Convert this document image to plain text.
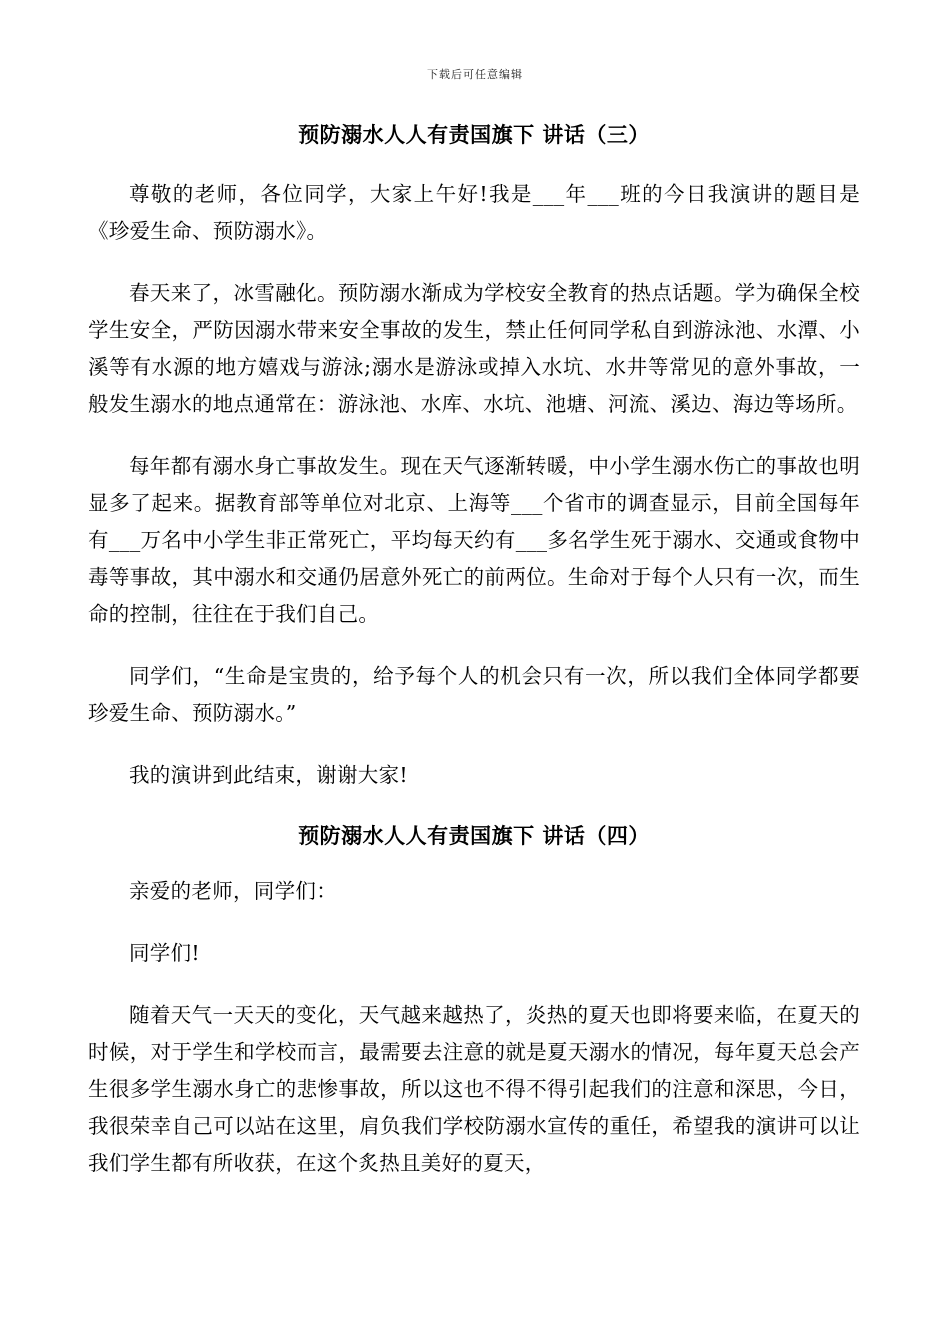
下载后可任意编辑
预防溺水人人有责国旗下 讲话（三）

尊敬的老师，各位同学，大家上午好!我是___年___班的今日我演讲的题目是《珍爱生命、预防溺水》。

春天来了，冰雪融化。预防溺水渐成为学校安全教育的热点话题。学为确保全校学生安全，严防因溺水带来安全事故的发生，禁止任何同学私自到游泳池、水潭、小溪等有水源的地方嬉戏与游泳;溺水是游泳或掉入水坑、水井等常见的意外事故，一般发生溺水的地点通常在：游泳池、水库、水坑、池塘、河流、溪边、海边等场所。

每年都有溺水身亡事故发生。现在天气逐渐转暖，中小学生溺水伤亡的事故也明显多了起来。据教育部等单位对北京、上海等___个省市的调查显示，目前全国每年有___万名中小学生非正常死亡，平均每天约有___多名学生死于溺水、交通或食物中毒等事故，其中溺水和交通仍居意外死亡的前两位。生命对于每个人只有一次，而生命的控制，往往在于我们自己。

同学们，“生命是宝贵的，给予每个人的机会只有一次，所以我们全体同学都要珍爱生命、预防溺水。”

我的演讲到此结束，谢谢大家!

预防溺水人人有责国旗下 讲话（四）

亲爱的老师，同学们：

同学们!

随着天气一天天的变化，天气越来越热了，炎热的夏天也即将要来临，在夏天的时候，对于学生和学校而言，最需要去注意的就是夏天溺水的情况，每年夏天总会产生很多学生溺水身亡的悲惨事故，所以这也不得不得引起我们的注意和深思，今日，我很荣幸自己可以站在这里，肩负我们学校防溺水宣传的重任，希望我的演讲可以让我们学生都有所收获，在这个炙热且美好的夏天，
